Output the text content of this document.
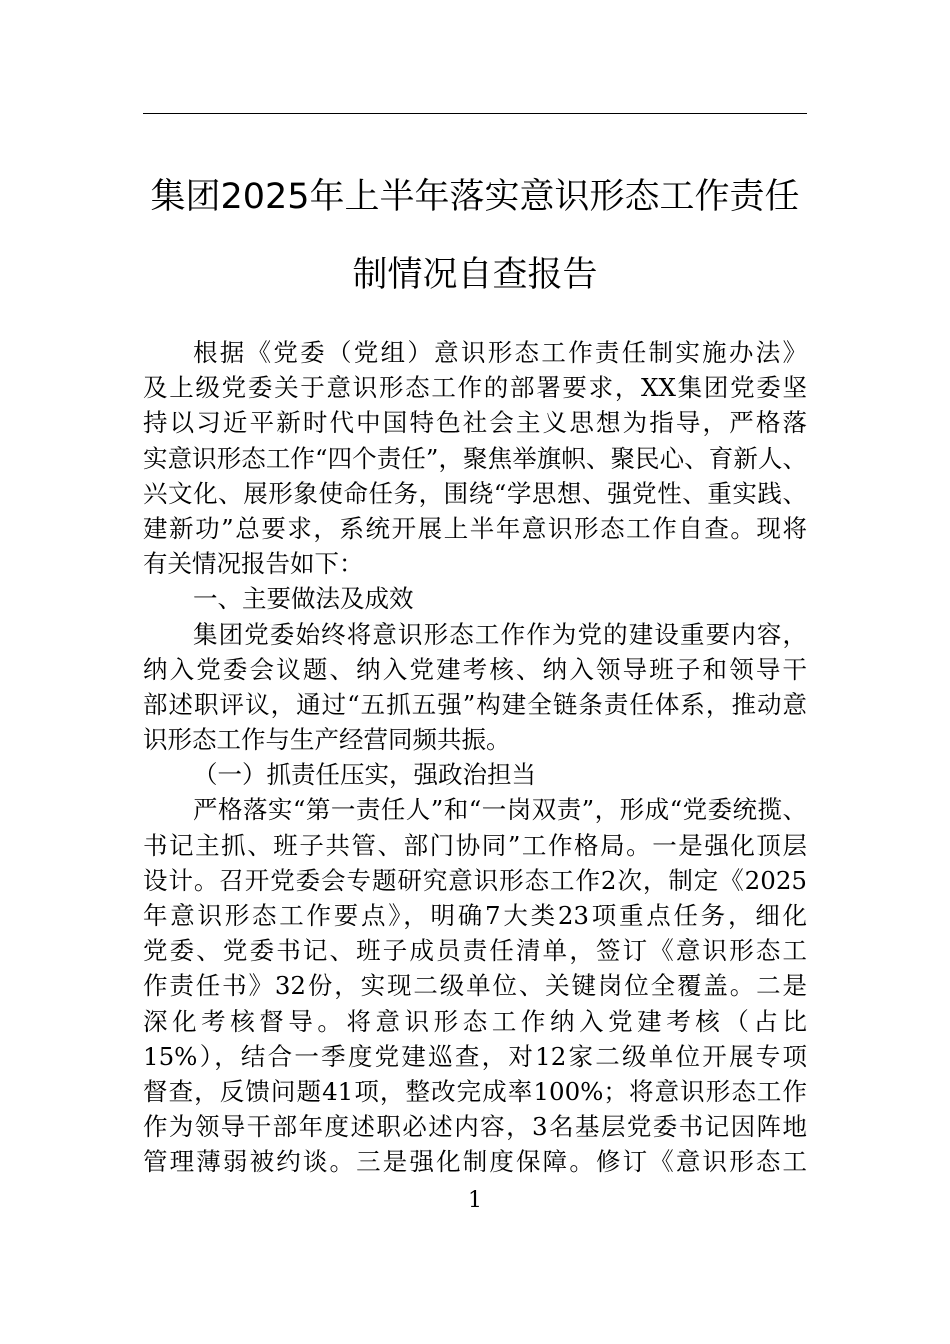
集团2025年上半年落实意识形态工作责任
制情况自查报告
根据《党委（党组）意识形态工作责任制实施办法》
及上级党委关于意识形态工作的部署要求，XX集团党委坚
持以习近平新时代中国特色社会主义思想为指导，严格落
实意识形态工作“四个责任”，聚焦举旗帜、聚民心、育新人、
兴文化、展形象使命任务，围绕“学思想、强党性、重实践、
建新功”总要求，系统开展上半年意识形态工作自查。现将
有关情况报告如下：
一、主要做法及成效
集团党委始终将意识形态工作作为党的建设重要内容，
纳入党委会议题、纳入党建考核、纳入领导班子和领导干
部述职评议，通过“五抓五强”构建全链条责任体系，推动意
识形态工作与生产经营同频共振。
（一）抓责任压实，强政治担当
严格落实“第一责任人”和“一岗双责”，形成“党委统揽、
书记主抓、班子共管、部门协同”工作格局。一是强化顶层
设计。召开党委会专题研究意识形态工作2次，制定《2025
年意识形态工作要点》，明确7大类23项重点任务，细化
党委、党委书记、班子成员责任清单，签订《意识形态工
作责任书》32份，实现二级单位、关键岗位全覆盖。二是
深化考核督导。将意识形态工作纳入党建考核（占比
15%），结合一季度党建巡查，对12家二级单位开展专项
督查，反馈问题41项，整改完成率100%；将意识形态工作
作为领导干部年度述职必述内容，3名基层党委书记因阵地
管理薄弱被约谈。三是强化制度保障。修订《意识形态工
1
